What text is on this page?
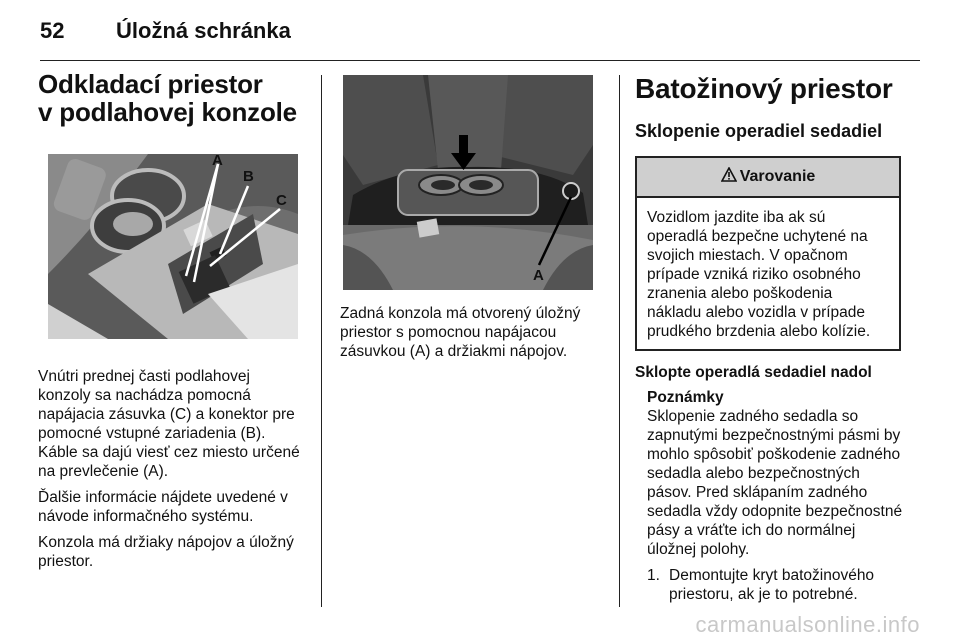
52 Úložná schránka
Odkladací priestor
v podlahovej konzole
A
B
C

Vnútri prednej časti podlahovej konzoly sa nachádza pomocná napájacia zásuvka (C) a konektor pre pomocné vstupné zariadenia (B). Káble sa dajú viesť cez miesto určené na prevlečenie (A).

Ďalšie informácie nájdete uvedené v návode informačného systému.

Konzola má držiaky nápojov a úložný priestor.

A

Zadná konzola má otvorený úložný priestor s pomocnou napájacou zásuvkou (A) a držiakmi nápojov.

Batožinový priestor
Sklopenie operadiel sedadiel
Varovanie
Vozidlom jazdite iba ak sú operadlá bezpečne uchytené na svojich miestach. V opačnom prípade vzniká riziko osobného zranenia alebo poškodenia nákladu alebo vozidla v prípade prudkého brzdenia alebo kolízie.
Sklopte operadlá sedadiel nadol
Poznámky

Sklopenie zadného sedadla so zapnutými bezpečnostnými pásmi by mohlo spôsobiť poškodenie zadného sedadla alebo bezpečnostných pásov. Pred sklápaním zadného sedadla vždy odopnite bezpečnostné pásy a vráťte ich do normálnej úložnej polohy.

1. Demontujte kryt batožinového priestoru, ak je to potrebné.
carmanualsonline.info
